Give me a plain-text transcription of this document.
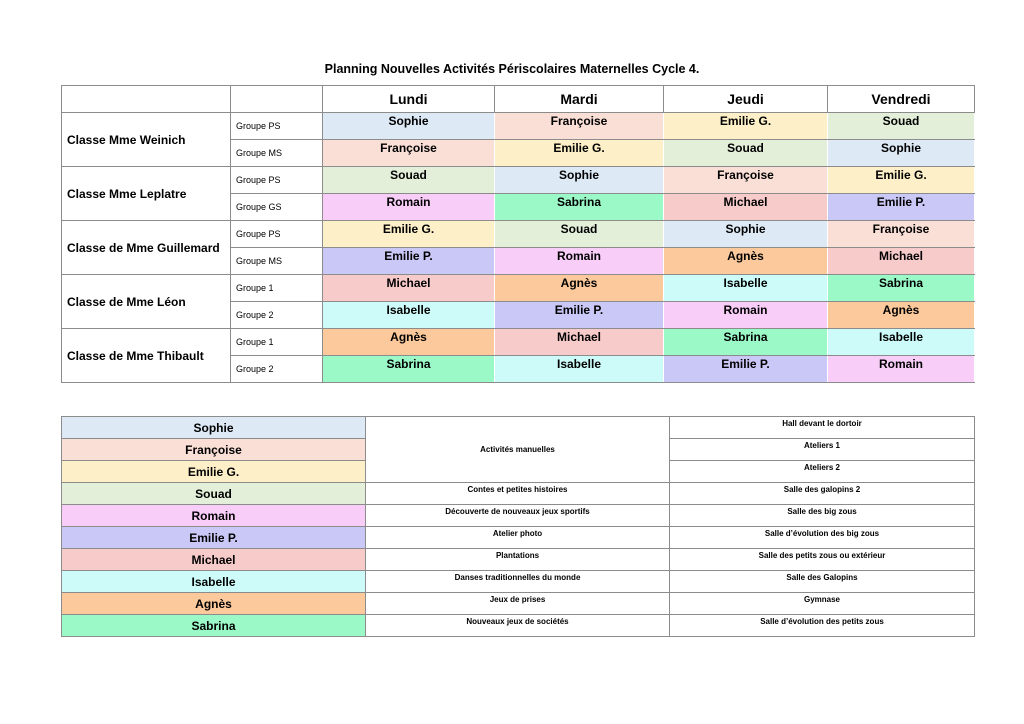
Planning Nouvelles Activités Périscolaires Maternelles Cycle 4.
		Lundi	Mardi	Jeudi	Vendredi
Classe Mme Weinich	Groupe PS	Sophie	Françoise	Emilie G.	Souad
	Groupe MS	Françoise	Emilie G.	Souad	Sophie
Classe Mme Leplatre	Groupe PS	Souad	Sophie	Françoise	Emilie G.
	Groupe GS	Romain	Sabrina	Michael	Emilie P.
Classe de Mme Guillemard	Groupe PS	Emilie G.	Souad	Sophie	Françoise
	Groupe MS	Emilie P.	Romain	Agnès	Michael
Classe de Mme Léon	Groupe 1	Michael	Agnès	Isabelle	Sabrina
	Groupe 2	Isabelle	Emilie P.	Romain	Agnès
Classe de Mme Thibault	Groupe 1	Agnès	Michael	Sabrina	Isabelle
	Groupe 2	Sabrina	Isabelle	Emilie P.	Romain
Sophie	Activités manuelles	Hall devant le dortoir
Françoise		Ateliers 1
Emilie G.		Ateliers 2
Souad	Contes et petites histoires	Salle des galopins 2
Romain	Découverte de nouveaux jeux sportifs	Salle des big zous
Emilie P.	Atelier photo	Salle d’évolution des big zous
Michael	Plantations	Salle des petits zous ou extérieur
Isabelle	Danses traditionnelles du monde	Salle des Galopins
Agnès	Jeux de prises	Gymnase
Sabrina	Nouveaux jeux de sociétés	Salle d’évolution des petits zous
